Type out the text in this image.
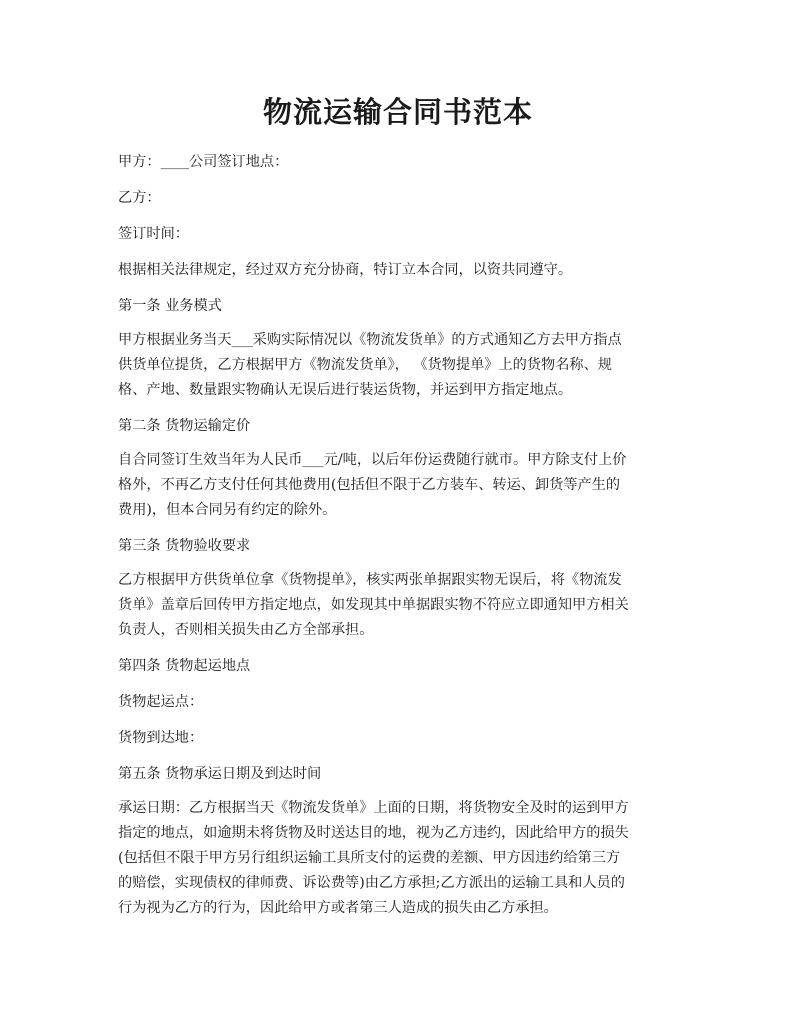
物流运输合同书范本

甲方：____公司签订地点：

乙方：

签订时间：

根据相关法律规定，经过双方充分协商，特订立本合同，以资共同遵守。

第一条 业务模式

甲方根据业务当天___采购实际情况以《物流发货单》的方式通知乙方去甲方指点
供货单位提货，乙方根据甲方《物流发货单》， 《货物提单》上的货物名称、规
格、产地、数量跟实物确认无误后进行装运货物，并运到甲方指定地点。

第二条 货物运输定价

自合同签订生效当年为人民币___元/吨，以后年份运费随行就市。甲方除支付上价
格外，不再乙方支付任何其他费用(包括但不限于乙方装车、转运、卸货等产生的
费用)，但本合同另有约定的除外。

第三条 货物验收要求

乙方根据甲方供货单位拿《货物提单》，核实两张单据跟实物无误后，将《物流发
货单》盖章后回传甲方指定地点，如发现其中单据跟实物不符应立即通知甲方相关
负责人，否则相关损失由乙方全部承担。

第四条 货物起运地点

货物起运点：

货物到达地：

第五条 货物承运日期及到达时间

承运日期：乙方根据当天《物流发货单》上面的日期，将货物安全及时的运到甲方
指定的地点，如逾期未将货物及时送达目的地，视为乙方违约，因此给甲方的损失
(包括但不限于甲方另行组织运输工具所支付的运费的差额、甲方因违约给第三方
的赔偿，实现债权的律师费、诉讼费等)由乙方承担;乙方派出的运输工具和人员的
行为视为乙方的行为，因此给甲方或者第三人造成的损失由乙方承担。
